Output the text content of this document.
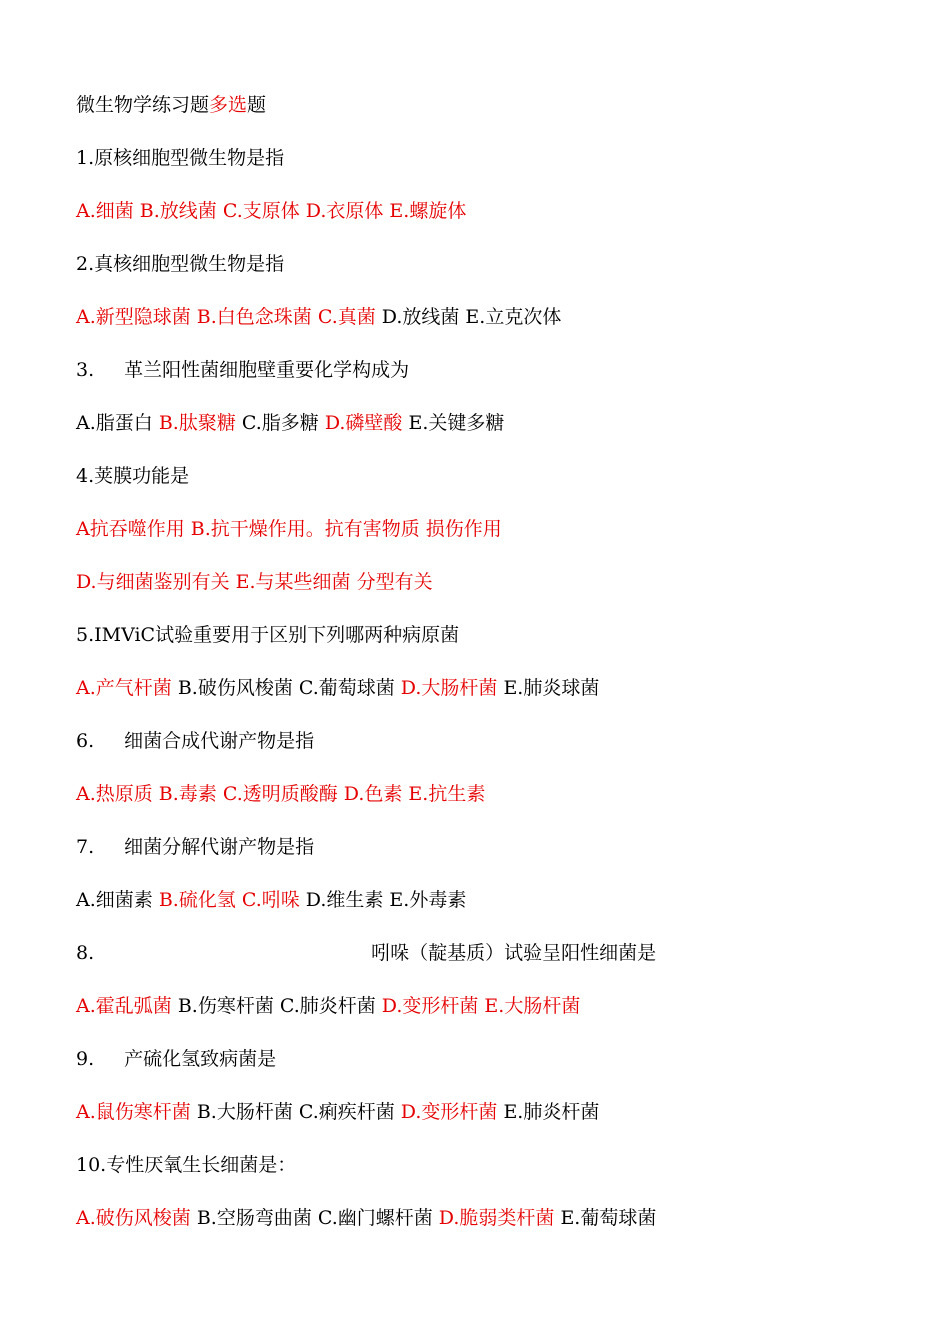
微生物学练习题多选题
1.原核细胞型微生物是指
A.细菌 B.放线菌 C.支原体 D.衣原体 E.螺旋体
2.真核细胞型微生物是指
A.新型隐球菌 B.白色念珠菌 C.真菌 D.放线菌 E.立克次体
3. 革兰阳性菌细胞壁重要化学构成为
A.脂蛋白 B.肽聚糖 C.脂多糖 D.磷壁酸 E.关键多糖
4.荚膜功能是
A抗吞噬作用 B.抗干燥作用。抗有害物质 损伤作用
D.与细菌鉴别有关 E.与某些细菌 分型有关
5.IMViC试验重要用于区别下列哪两种病原菌
A.产气杆菌 B.破伤风梭菌 C.葡萄球菌 D.大肠杆菌 E.肺炎球菌
6. 细菌合成代谢产物是指
A.热原质 B.毒素 C.透明质酸酶 D.色素 E.抗生素
7. 细菌分解代谢产物是指
A.细菌素 B.硫化氢 C.吲哚 D.维生素 E.外毒素
8.	吲哚（靛基质）试验呈阳性细菌是
A.霍乱弧菌 B.伤寒杆菌 C.肺炎杆菌 D.变形杆菌 E.大肠杆菌
9. 产硫化氢致病菌是
A.鼠伤寒杆菌 B.大肠杆菌 C.痢疾杆菌 D.变形杆菌 E.肺炎杆菌
10.专性厌氧生长细菌是：
A.破伤风梭菌 B.空肠弯曲菌 C.幽门螺杆菌 D.脆弱类杆菌 E.葡萄球菌
